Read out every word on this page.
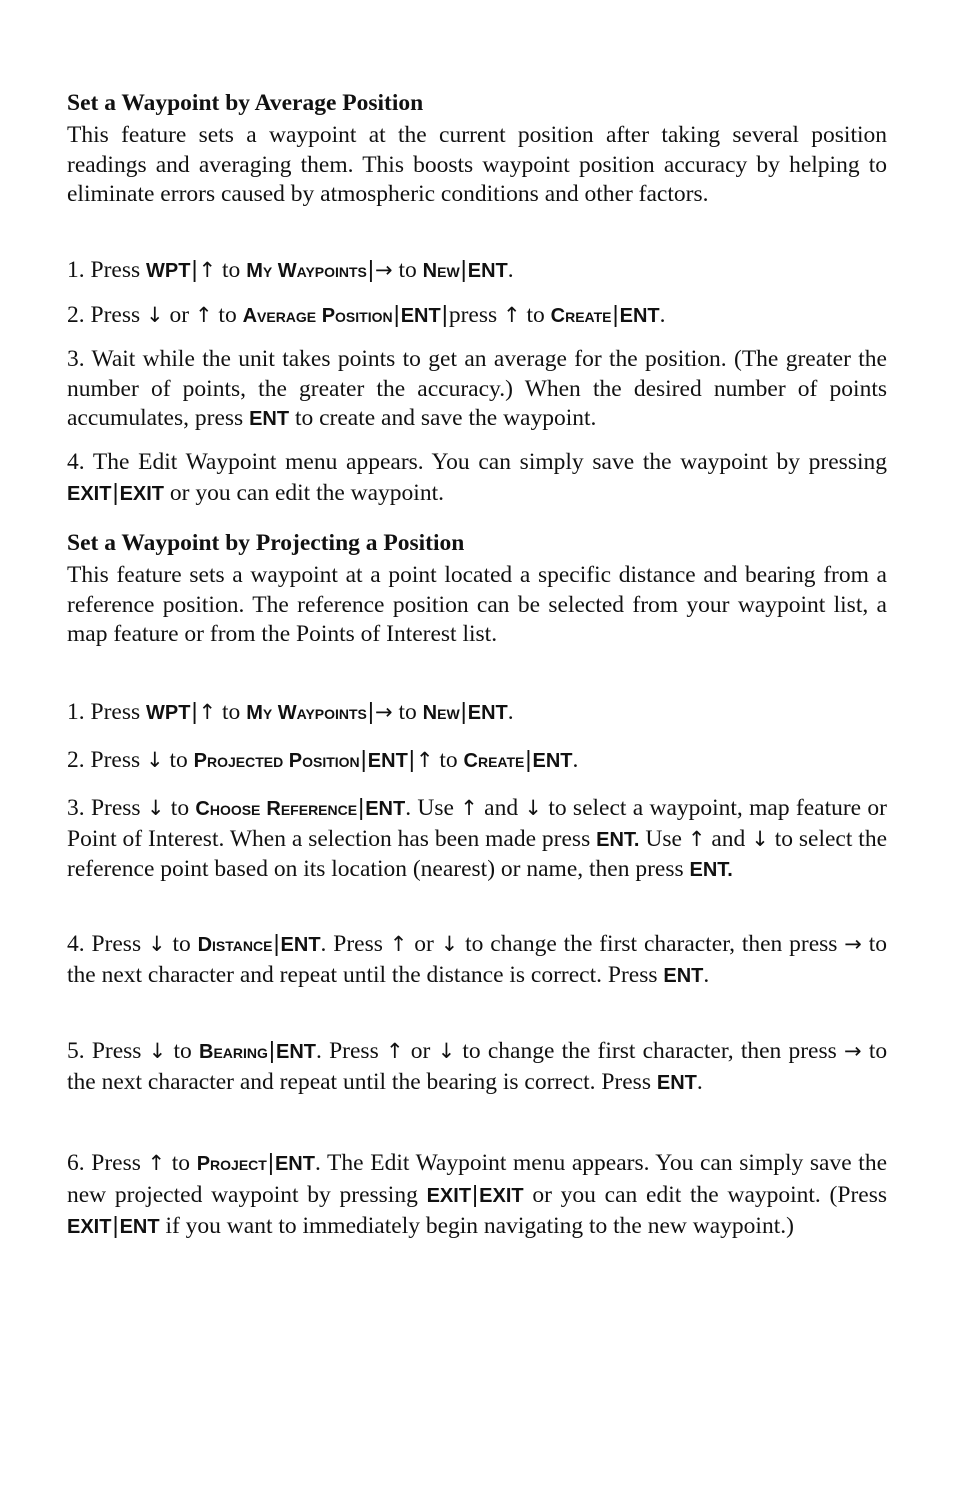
Set a Waypoint by Average Position

This feature sets a waypoint at the current position after taking several position readings and averaging them. This boosts waypoint position accuracy by helping to eliminate errors caused by atmospheric conditions and other factors.

1. Press WPT|↑ to My Waypoints|→ to New|ENT.

2. Press ↓ or ↑ to Average Position|ENT|press ↑ to Create|ENT.

3. Wait while the unit takes points to get an average for the position. (The greater the number of points, the greater the accuracy.) When the desired number of points accumulates, press ENT to create and save the waypoint.

4. The Edit Waypoint menu appears. You can simply save the waypoint by pressing EXIT|EXIT or you can edit the waypoint.

Set a Waypoint by Projecting a Position

This feature sets a waypoint at a point located a specific distance and bearing from a reference position. The reference position can be selected from your waypoint list, a map feature or from the Points of Interest list.

1. Press WPT|↑ to My Waypoints|→ to New|ENT.

2. Press ↓ to Projected Position|ENT|↑ to Create|ENT.

3. Press ↓ to Choose Reference|ENT. Use ↑ and ↓ to select a waypoint, map feature or Point of Interest. When a selection has been made press ENT. Use ↑ and ↓ to select the reference point based on its location (nearest) or name, then press ENT.

4. Press ↓ to Distance|ENT. Press ↑ or ↓ to change the first character, then press → to the next character and repeat until the distance is correct. Press ENT.

5. Press ↓ to Bearing|ENT. Press ↑ or ↓ to change the first character, then press → to the next character and repeat until the bearing is correct. Press ENT.

6. Press ↑ to Project|ENT. The Edit Waypoint menu appears. You can simply save the new projected waypoint by pressing EXIT|EXIT or you can edit the waypoint. (Press EXIT|ENT if you want to immediately begin navigating to the new waypoint.)
